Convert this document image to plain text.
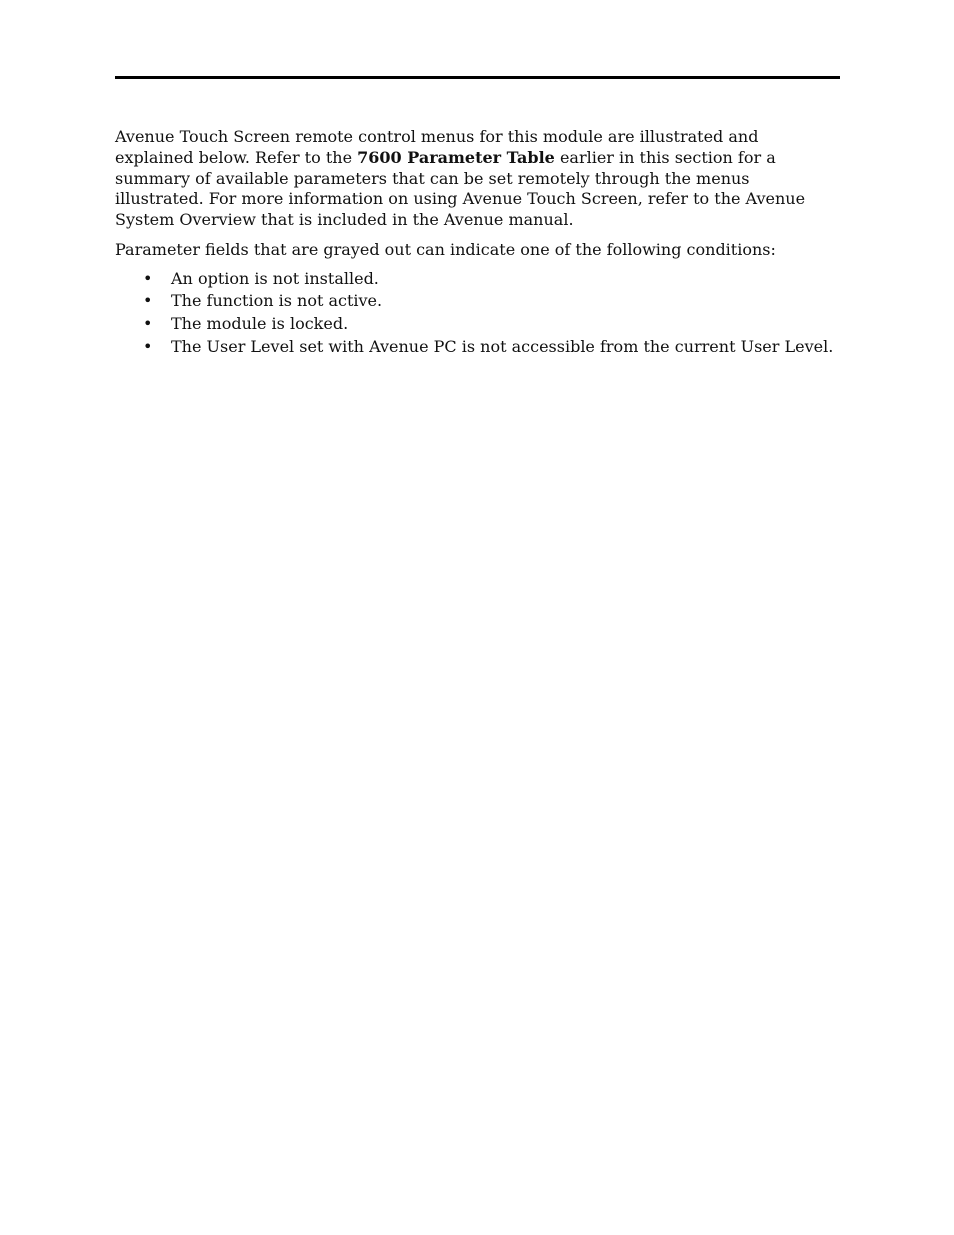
Avenue Touch Screen remote control menus for this module are illustrated and explained below. Refer to the 7600 Parameter Table earlier in this section for a summary of available parameters that can be set remotely through the menus illustrated. For more information on using Avenue Touch Screen, refer to the Avenue System Overview that is included in the Avenue manual.

Parameter fields that are grayed out can indicate one of the following conditions:

• An option is not installed.
• The function is not active.
• The module is locked.
• The User Level set with Avenue PC is not accessible from the current User Level.
